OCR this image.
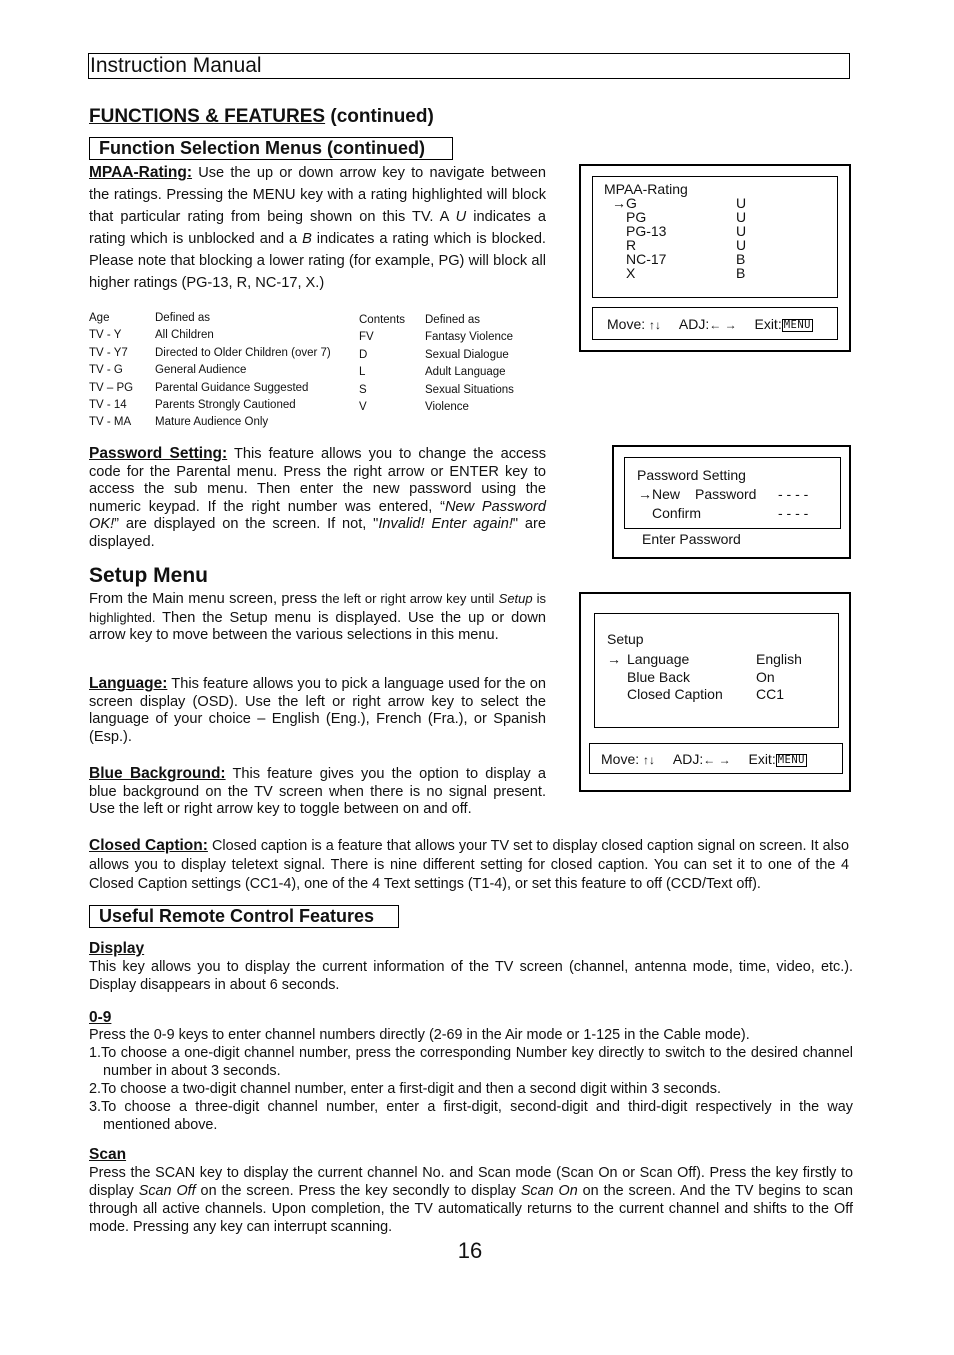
Instruction Manual
FUNCTIONS & FEATURES (continued)
Function Selection Menus (continued)
MPAA-Rating: Use the up or down arrow key to navigate between the ratings. Pressing the MENU key with a rating highlighted will block that particular rating from being shown on this TV. A U indicates a rating which is unblocked and a B indicates a rating which is blocked. Please note that blocking a lower rating (for example, PG) will block all higher ratings (PG-13, R, NC-17, X.)
Age	Defined as
TV - Y	All Children
TV - Y7 Directed to Older Children (over 7)
TV - G	General Audience
TV – PG Parental Guidance Suggested
TV - 14 Parents Strongly Cautioned
TV - MA Mature Audience Only
Contents Defined as
FV	Fantasy Violence
D	Sexual Dialogue
L	Adult Language
S	Sexual Situations
V	Violence
MPAA-Rating
→ G	U
PG	U
PG-13	U
R	U
NC-17	B
X	B
Move: ↑↓ ADJ:← → Exit: MENU
Password Setting: This feature allows you to change the access code for the Parental menu. Press the right arrow or ENTER key to access the sub menu. Then enter the new password using the numeric keypad. If the right number was entered, “New Password OK!” are displayed on the screen. If not, "Invalid! Enter again!" are displayed.
Password Setting
→ New Password - - - -
Confirm	- - - -
Enter Password
Setup Menu
From the Main menu screen, press the left or right arrow key until Setup is highlighted. Then the Setup menu is displayed. Use the up or down arrow key to move between the various selections in this menu.
Language: This feature allows you to pick a language used for the on screen display (OSD). Use the left or right arrow key to select the language of your choice – English (Eng.), French (Fra.), or Spanish (Esp.).
Blue Background: This feature gives you the option to display a blue background on the TV screen when there is no signal present. Use the left or right arrow key to toggle between on and off.
Setup
→ Language	English
Blue Back	On
Closed Caption CC1
Move: ↑↓ ADJ:← → Exit: MENU
Closed Caption: Closed caption is a feature that allows your TV set to display closed caption signal on screen. It also allows you to display teletext signal. There is nine different setting for closed caption. You can set it to one of the 4 Closed Caption settings (CC1-4), one of the 4 Text settings (T1-4), or set this feature to off (CCD/Text off).
Useful Remote Control Features
Display
This key allows you to display the current information of the TV screen (channel, antenna mode, time, video, etc.). Display disappears in about 6 seconds.
0-9
Press the 0-9 keys to enter channel numbers directly (2-69 in the Air mode or 1-125 in the Cable mode).
1.To choose a one-digit channel number, press the corresponding Number key directly to switch to the desired channel number in about 3 seconds.
2.To choose a two-digit channel number, enter a first-digit and then a second digit within 3 seconds.
3.To choose a three-digit channel number, enter a first-digit, second-digit and third-digit respectively in the way mentioned above.
Scan
Press the SCAN key to display the current channel No. and Scan mode (Scan On or Scan Off). Press the key firstly to display Scan Off on the screen. Press the key secondly to display Scan On on the screen. And the TV begins to scan through all active channels. Upon completion, the TV automatically returns to the current channel and shifts to the Off mode. Pressing any key can interrupt scanning.
16
